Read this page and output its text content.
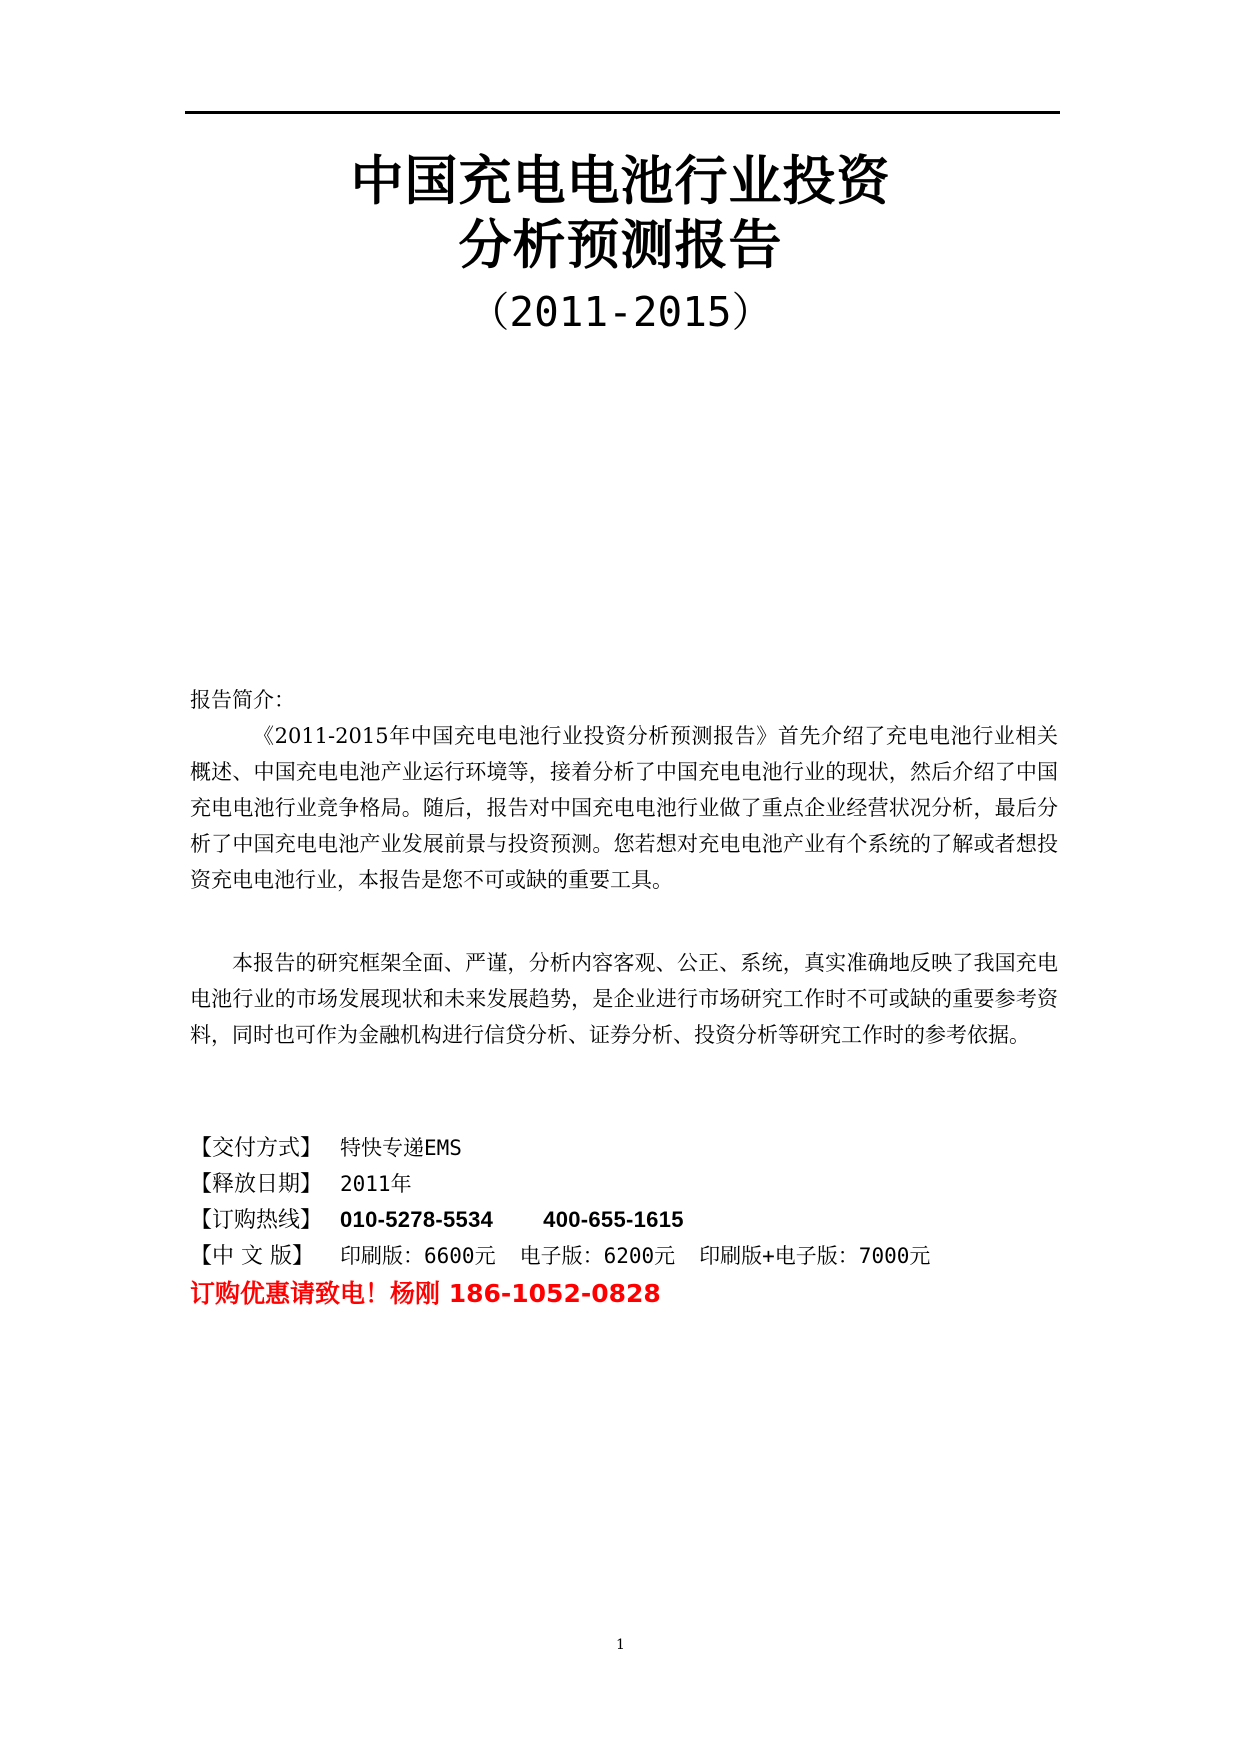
中国充电电池行业投资
分析预测报告
（2011-2015）
报告简介：

《2011-2015年中国充电电池行业投资分析预测报告》首先介绍了充电电池行业相关概述、中国充电电池产业运行环境等，接着分析了中国充电电池行业的现状，然后介绍了中国充电电池行业竞争格局。随后，报告对中国充电电池行业做了重点企业经营状况分析，最后分析了中国充电电池产业发展前景与投资预测。您若想对充电电池产业有个系统的了解或者想投资充电电池行业，本报告是您不可或缺的重要工具。

本报告的研究框架全面、严谨，分析内容客观、公正、系统，真实准确地反映了我国充电电池行业的市场发展现状和未来发展趋势，是企业进行市场研究工作时不可或缺的重要参考资料，同时也可作为金融机构进行信贷分析、证券分析、投资分析等研究工作时的参考依据。

【交付方式】 特快专递EMS
【释放日期】 2011年
【订购热线】 010-5278-5534 400-655-1615
【中 文 版】	印刷版：6600元 电子版：6200元 印刷版+电子版：7000元
订购优惠请致电！杨刚 186-1052-0828
1
